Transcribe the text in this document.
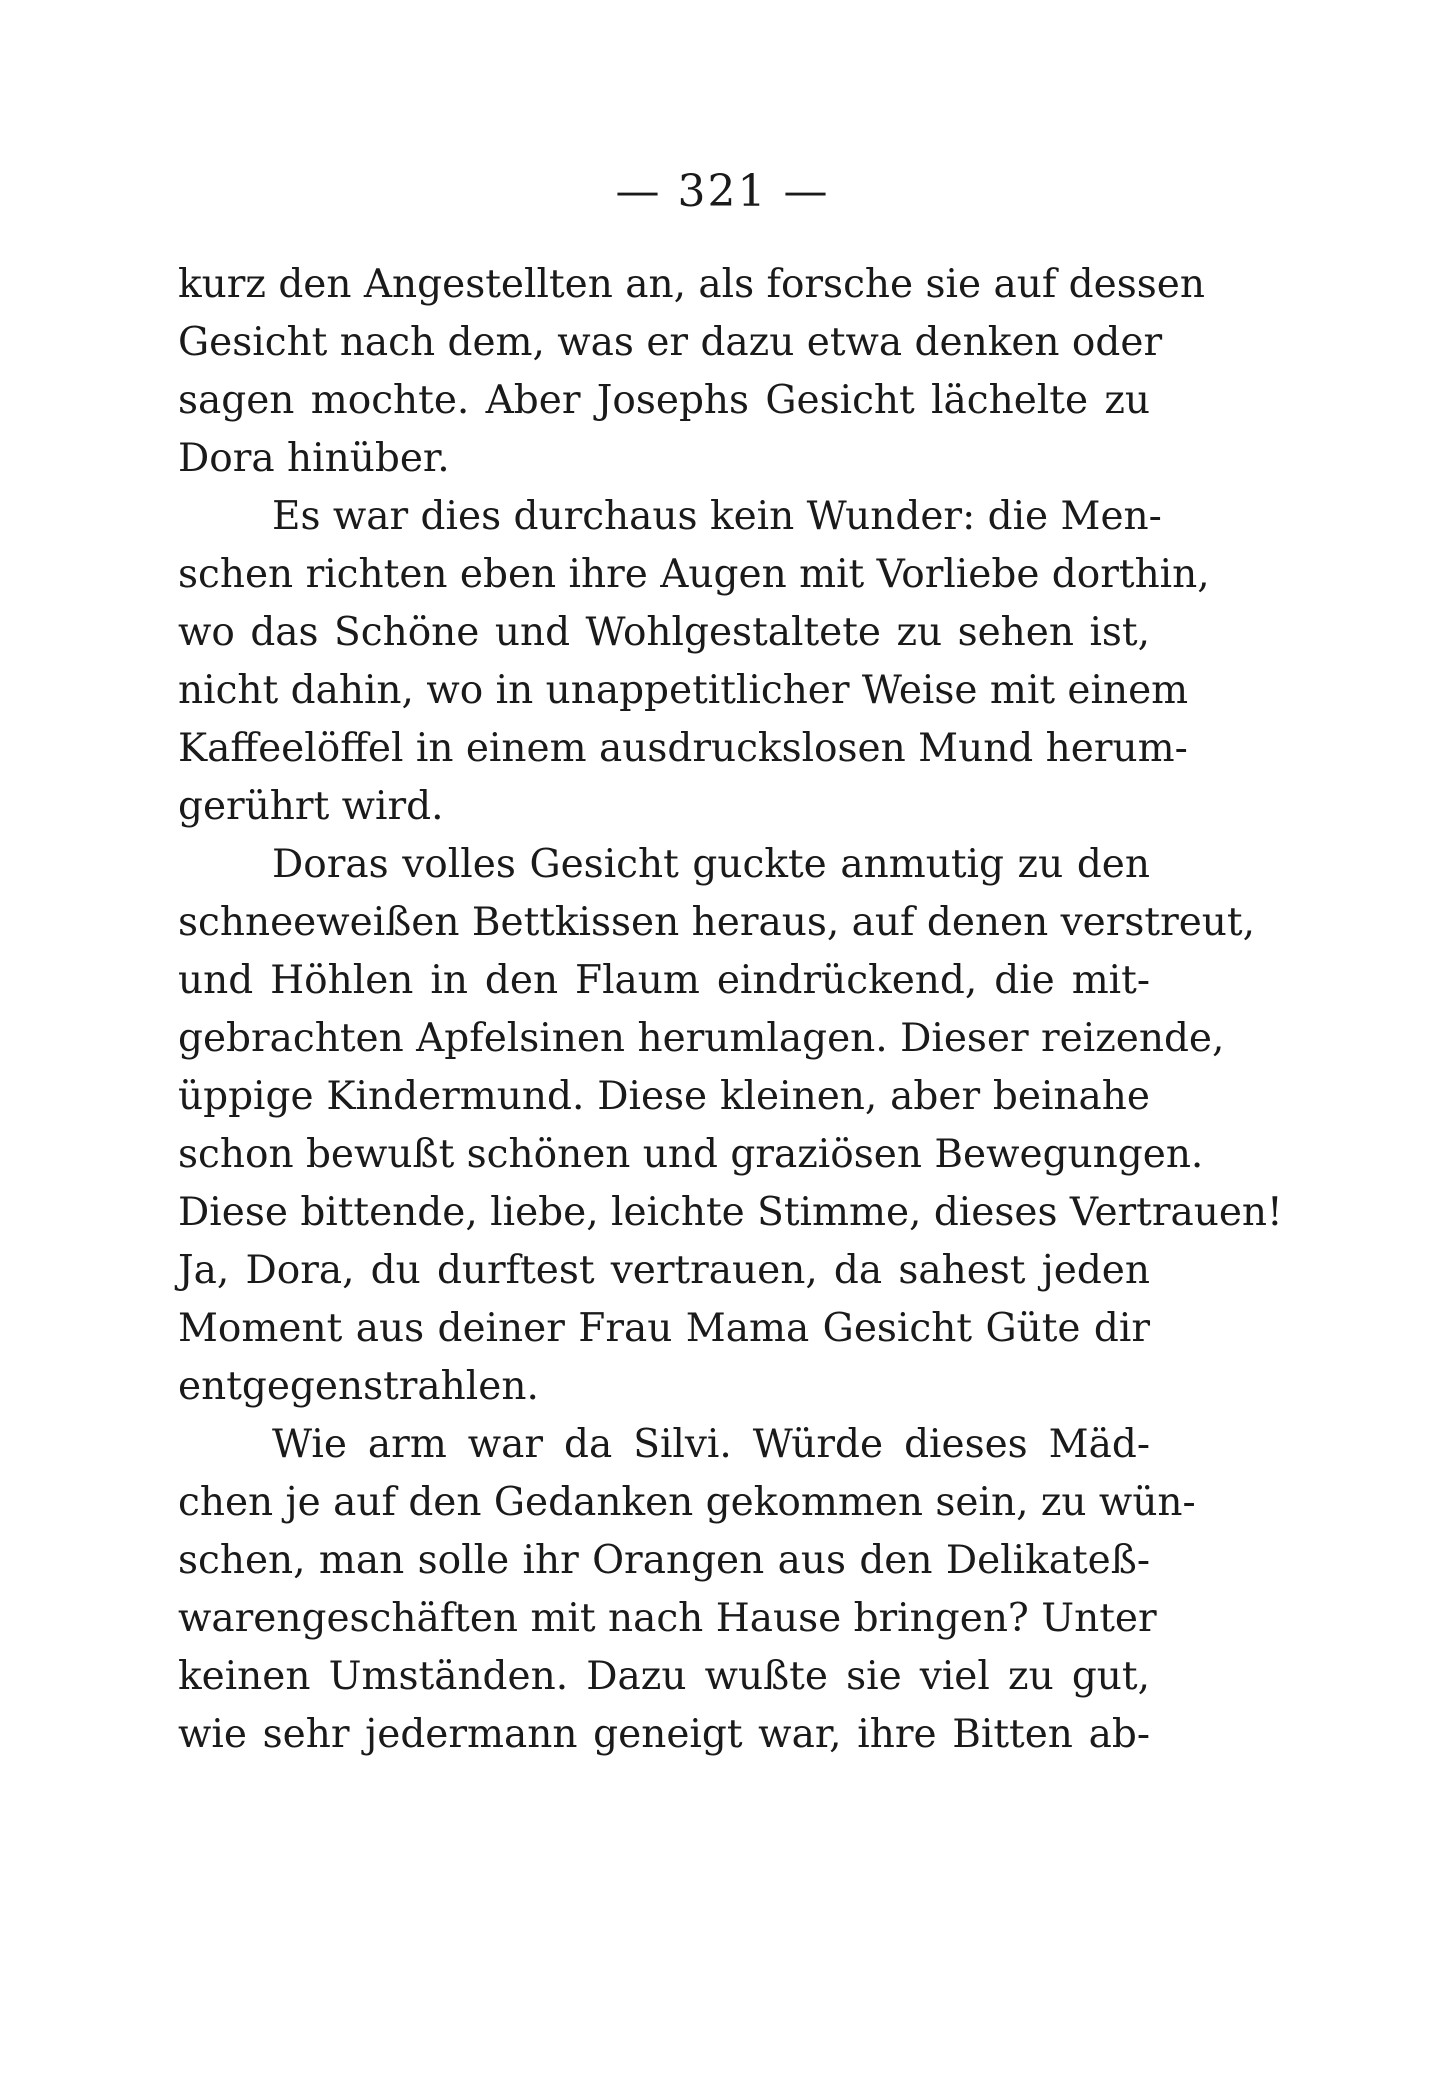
— 321 —
kurz den Angestellten an, als forsche sie auf dessen
Gesicht nach dem, was er dazu etwa denken oder
sagen mochte. Aber Josephs Gesicht lächelte zu
Dora hinüber.
Es war dies durchaus kein Wunder: die Men-
schen richten eben ihre Augen mit Vorliebe dorthin,
wo das Schöne und Wohlgestaltete zu sehen ist,
nicht dahin, wo in unappetitlicher Weise mit einem
Kaffeelöffel in einem ausdruckslosen Mund herum-
gerührt wird.
Doras volles Gesicht guckte anmutig zu den
schneeweißen Bettkissen heraus, auf denen verstreut,
und Höhlen in den Flaum eindrückend, die mit-
gebrachten Apfelsinen herumlagen. Dieser reizende,
üppige Kindermund. Diese kleinen, aber beinahe
schon bewußt schönen und graziösen Bewegungen.
Diese bittende, liebe, leichte Stimme, dieses Vertrauen!
Ja, Dora, du durftest vertrauen, da sahest jeden
Moment aus deiner Frau Mama Gesicht Güte dir
entgegenstrahlen.
Wie arm war da Silvi. Würde dieses Mäd-
chen je auf den Gedanken gekommen sein, zu wün-
schen, man solle ihr Orangen aus den Delikateß-
warengeschäften mit nach Hause bringen? Unter
keinen Umständen. Dazu wußte sie viel zu gut,
wie sehr jedermann geneigt war, ihre Bitten ab-
